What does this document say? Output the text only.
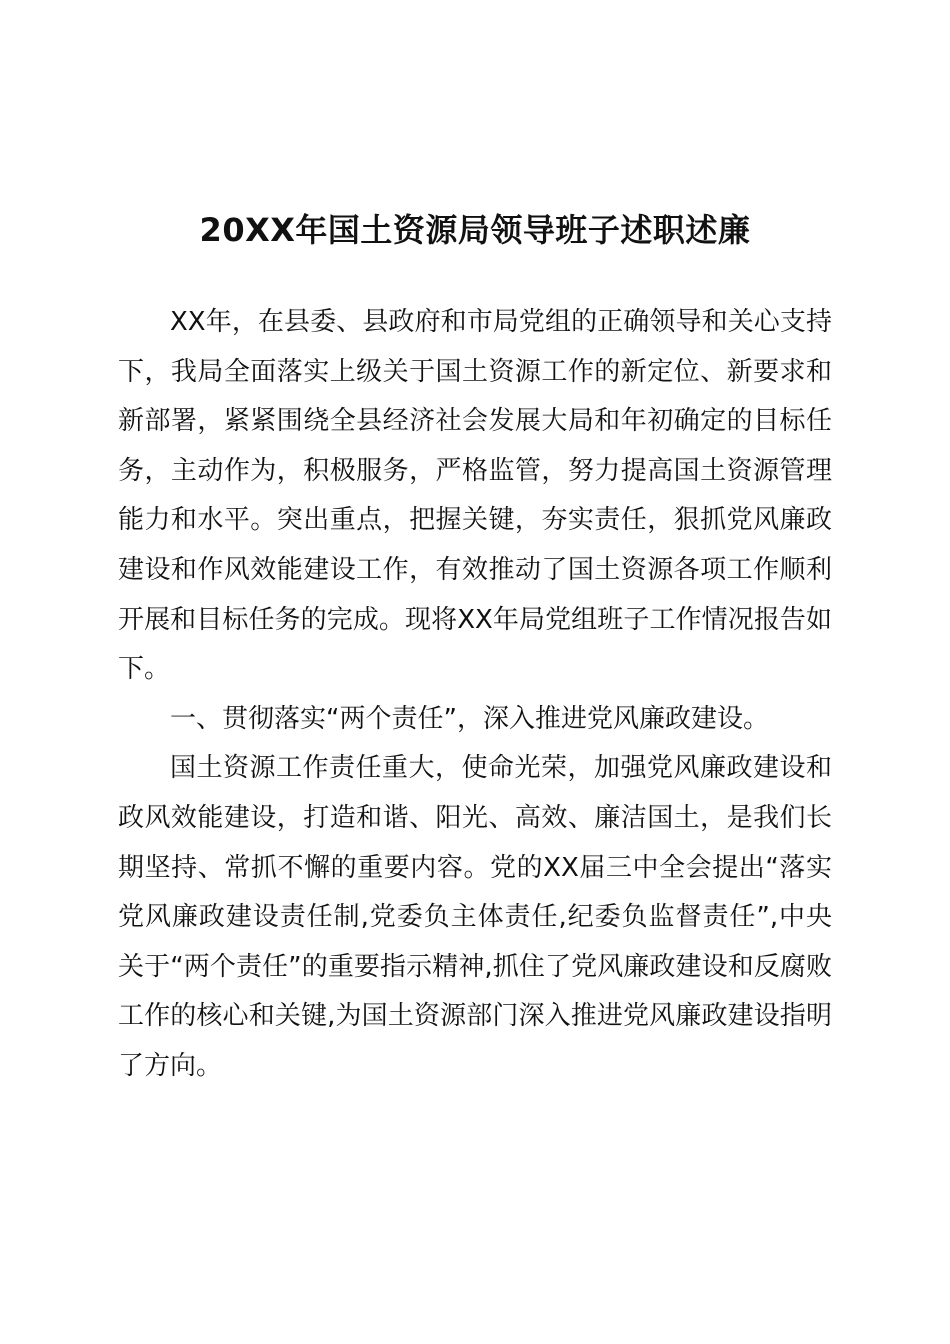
20XX年国土资源局领导班子述职述廉

XX年，在县委、县政府和市局党组的正确领导和关心支持下，我局全面落实上级关于国土资源工作的新定位、新要求和新部署，紧紧围绕全县经济社会发展大局和年初确定的目标任务，主动作为，积极服务，严格监管，努力提高国土资源管理能力和水平。突出重点，把握关键，夯实责任，狠抓党风廉政建设和作风效能建设工作，有效推动了国土资源各项工作顺利开展和目标任务的完成。现将XX年局党组班子工作情况报告如下。

一、贯彻落实“两个责任”，深入推进党风廉政建设。

国土资源工作责任重大，使命光荣，加强党风廉政建设和政风效能建设，打造和谐、阳光、高效、廉洁国土，是我们长期坚持、常抓不懈的重要内容。党的XX届三中全会提出“落实党风廉政建设责任制,党委负主体责任,纪委负监督责任”,中央关于“两个责任”的重要指示精神,抓住了党风廉政建设和反腐败工作的核心和关键,为国土资源部门深入推进党风廉政建设指明了方向。
